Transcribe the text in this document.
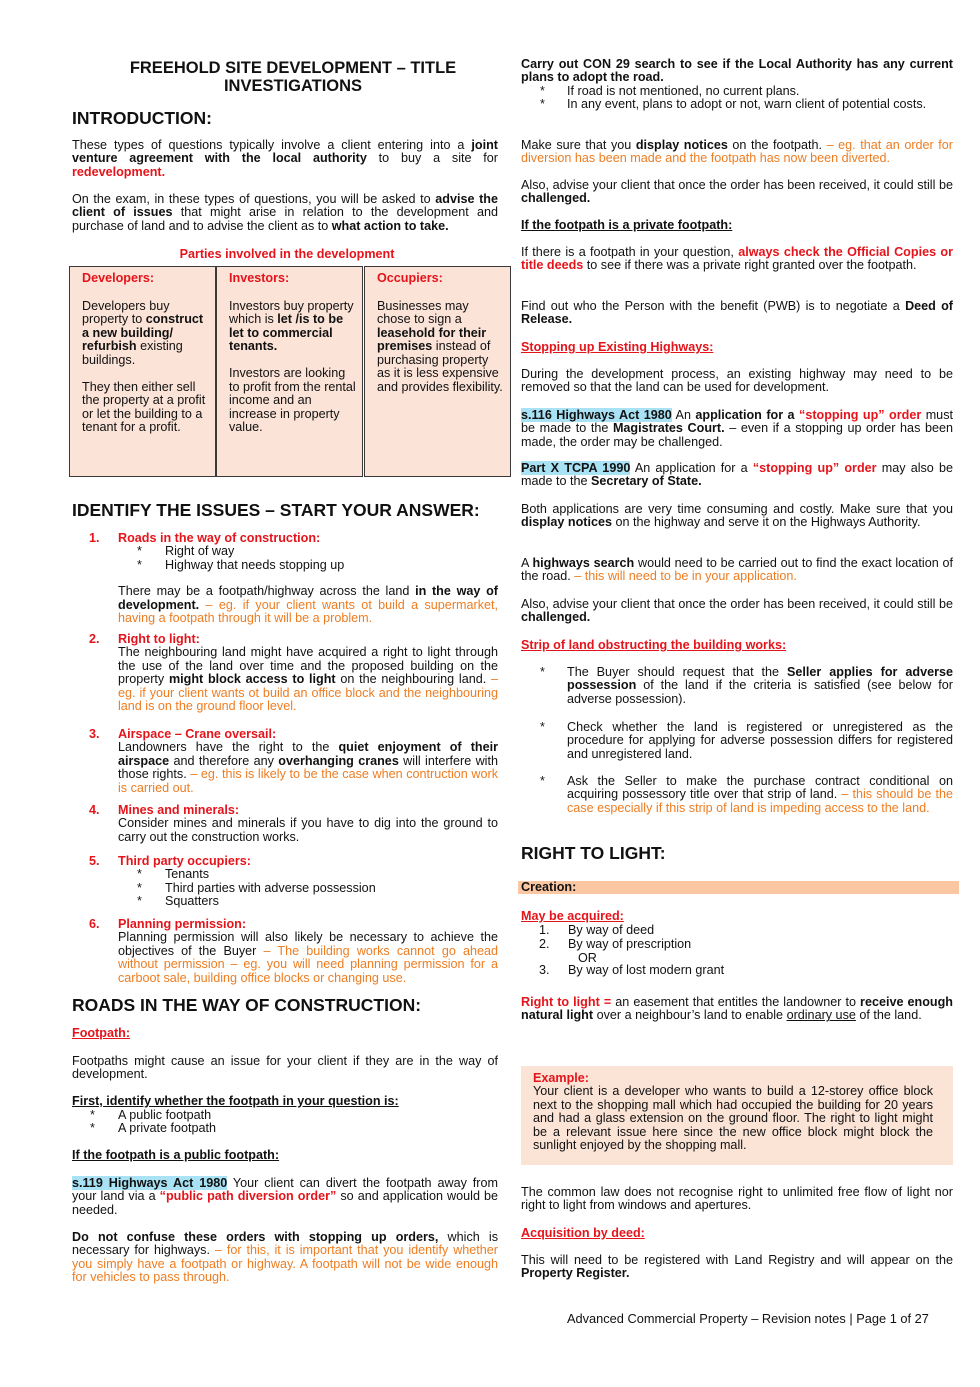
FREEHOLD SITE DEVELOPMENT – TITLE
INVESTIGATIONS
INTRODUCTION:
These types of questions typically involve a client entering into a joint venture agreement with the local authority to buy a site for redevelopment.
On the exam, in these types of questions, you will be asked to advise the client of issues that might arise in relation to the development and purchase of land and to advise the client as to what action to take.
Parties involved in the development
Developers:

Developers buy property to construct a new building/ refurbish existing buildings.

They then either sell the property at a profit or let the building to a tenant for a profit.

Investors:

Investors buy property which is let /is to be let to commercial tenants.

Investors are looking to profit from the rental income and an increase in property value.

Occupiers:

Businesses may chose to sign a leasehold for their premises instead of purchasing property as it is less expensive and provides flexibility.

IDENTIFY THE ISSUES – START YOUR ANSWER:
1. Roads in the way of construction:
* Right of way
* Highway that needs stopping up
There may be a footpath/highway across the land in the way of development. – eg. if your client wants ot build a supermarket, having a footpath through it will be a problem.
2. Right to light:
The neighbouring land might have acquired a right to light through the use of the land over time and the proposed building on the property might block access to light on the neighbouring land. – eg. if your client wants ot build an office block and the neighbouring land is on the ground floor level.
3. Airspace – Crane oversail:
Landowners have the right to the quiet enjoyment of their airspace and therefore any overhanging cranes will interfere with those rights. – eg. this is likely to be the case when contruction work is carried out.
4. Mines and minerals:
Consider mines and minerals if you have to dig into the ground to carry out the construction works.
5. Third party occupiers:
* Tenants
* Third parties with adverse possession
* Squatters
6. Planning permission:
Planning permission will also likely be necessary to achieve the objectives of the Buyer – The building works cannot go ahead without permission – eg. you will need planning permission for a carboot sale, building office blocks or changing use.
ROADS IN THE WAY OF CONSTRUCTION:
Footpath:
Footpaths might cause an issue for your client if they are in the way of development.
First, identify whether the footpath in your question is:
* A public footpath
* A private footpath
If the footpath is a public footpath:
s.119 Highways Act 1980 Your client can divert the footpath away from your land via a “public path diversion order” so and application would be needed.
Do not confuse these orders with stopping up orders, which is necessary for highways. – for this, it is important that you identify whether you simply have a footpath or highway. A footpath will not be wide enough for vehicles to pass through.
Carry out CON 29 search to see if the Local Authority has any current plans to adopt the road.
* If road is not mentioned, no current plans.
* In any event, plans to adopt or not, warn client of potential costs.
Make sure that you display notices on the footpath. – eg. that an order for diversion has been made and the footpath has now been diverted.
Also, advise your client that once the order has been received, it could still be challenged.
If the footpath is a private footpath:
If there is a footpath in your question, always check the Official Copies or title deeds to see if there was a private right granted over the footpath.
Find out who the Person with the benefit (PWB) is to negotiate a Deed of Release.
Stopping up Existing Highways:
During the development process, an existing highway may need to be removed so that the land can be used for development.
s.116 Highways Act 1980 An application for a “stopping up” order must be made to the Magistrates Court. – even if a stopping up order has been made, the order may be challenged.
Part X TCPA 1990 An application for a “stopping up” order may also be made to the Secretary of State.
Both applications are very time consuming and costly. Make sure that you display notices on the highway and serve it on the Highways Authority.
A highways search would need to be carried out to find the exact location of the road. – this will need to be in your application.
Also, advise your client that once the order has been received, it could still be challenged.
Strip of land obstructing the building works:
* The Buyer should request that the Seller applies for adverse possession of the land if the criteria is satisfied (see below for adverse possession).
* Check whether the land is registered or unregistered as the procedure for applying for adverse possession differs for registered and unregistered land.
* Ask the Seller to make the purchase contract conditional on acquiring possessory title over that strip of land. – this should be the case especially if this strip of land is impeding access to the land.
RIGHT TO LIGHT:
Creation:
May be acquired:
1. By way of deed
2. By way of prescription
OR
3. By way of lost modern grant
Right to light = an easement that entitles the landowner to receive enough natural light over a neighbour’s land to enable ordinary use of the land.
Example:
Your client is a developer who wants to build a 12-storey office block next to the shopping mall which had occupied the building for 20 years and had a glass extension on the ground floor. The right to light might be a relevant issue here since the new office block might block the sunlight enjoyed by the shopping mall.
The common law does not recognise right to unlimited free flow of light nor right to light from windows and apertures.
Acquisition by deed:
This will need to be registered with Land Registry and will appear on the Property Register.
Advanced Commercial Property – Revision notes | Page 1 of 27
